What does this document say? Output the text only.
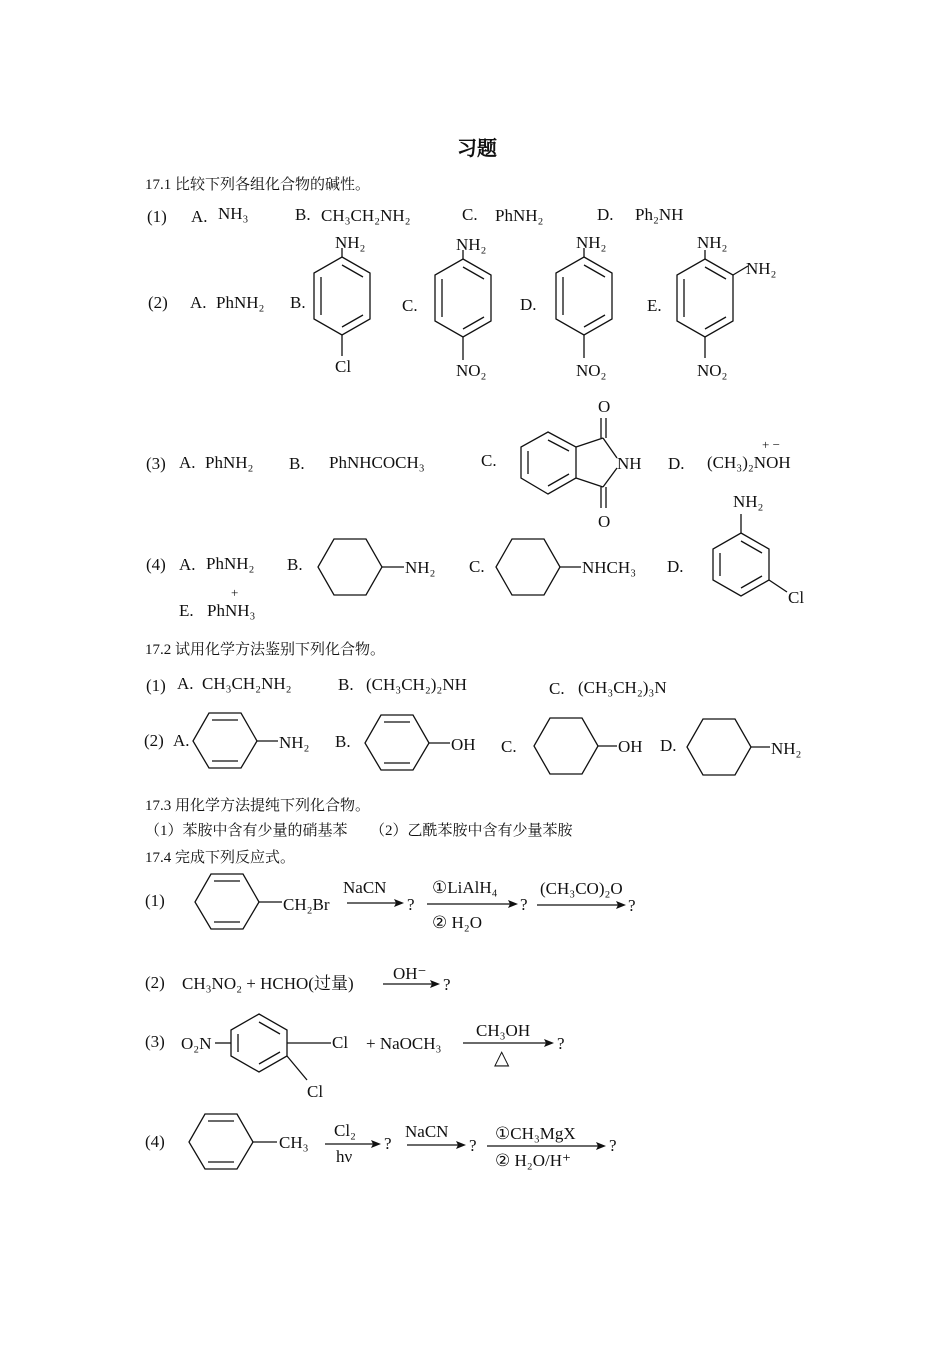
习题
17.1 比较下列各组化合物的碱性。
(1) A. NH₃	B. CH₃CH₂NH₂	C. PhNH₂	D. Ph₂NH
(2) A. PhNH₂ B.	C.	D.	E.
NH₂
Cl
NH₂
NO₂
NH₂
NO₂
NH₂
NH₂
NO₂
(3) A. PhNH₂ B. PhNHCOCH₃	C.
O
NH
O
D. (CH₃)₂NOH
+ −
(4) A. PhNH₂ B.	NH₂ C.	NHCH₃ D.
NH₂
Cl
E. PhNH₃
+
17.2 试用化学方法鉴别下列化合物。
(1) A. CH₃CH₂NH₂	B. (CH₃CH₂)₂NH	C. (CH₃CH₂)₃N
(2) A.	NH₂ B.	OH C.	OH D.	NH₂
17.3 用化学方法提纯下列化合物。
（1）苯胺中含有少量的硝基苯      （2）乙酰苯胺中含有少量苯胺
17.4 完成下列反应式。
(1)	CH₂Br
NaCN
?
①LiAlH₄
② H₂O
?
(CH₃CO)₂O
?
(2) CH₃NO₂ + HCHO(过量)
OH⁻
?
(3) O₂N	Cl
Cl
+ NaOCH₃
CH₃OH
△
?
(4)	CH₃
Cl₂
hν
?
NaCN
?
①CH₃MgX
② H₂O/H⁺
?
